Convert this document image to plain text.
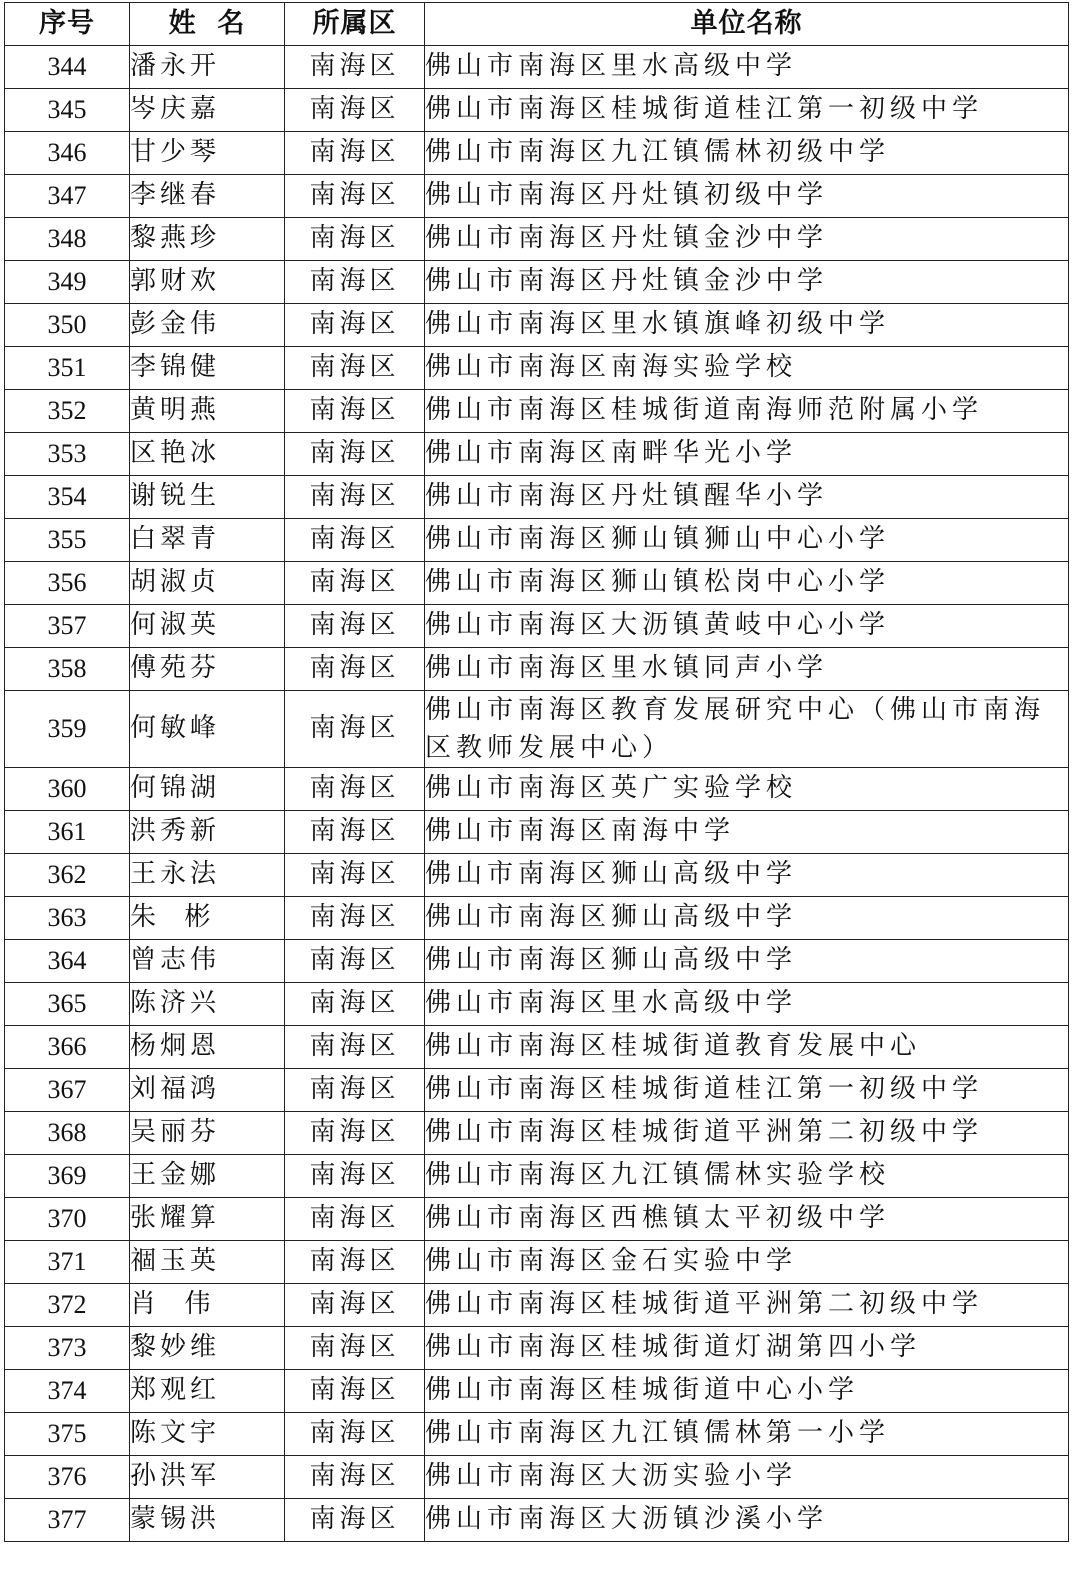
序号	姓  名	所属区	单位名称
344	潘永开	南海区	佛山市南海区里水高级中学
345	岑庆嘉	南海区	佛山市南海区桂城街道桂江第一初级中学
346	甘少琴	南海区	佛山市南海区九江镇儒林初级中学
347	李继春	南海区	佛山市南海区丹灶镇初级中学
348	黎燕珍	南海区	佛山市南海区丹灶镇金沙中学
349	郭财欢	南海区	佛山市南海区丹灶镇金沙中学
350	彭金伟	南海区	佛山市南海区里水镇旗峰初级中学
351	李锦健	南海区	佛山市南海区南海实验学校
352	黄明燕	南海区	佛山市南海区桂城街道南海师范附属小学
353	区艳冰	南海区	佛山市南海区南畔华光小学
354	谢锐生	南海区	佛山市南海区丹灶镇醒华小学
355	白翠青	南海区	佛山市南海区狮山镇狮山中心小学
356	胡淑贞	南海区	佛山市南海区狮山镇松岗中心小学
357	何淑英	南海区	佛山市南海区大沥镇黄岐中心小学
358	傅苑芬	南海区	佛山市南海区里水镇同声小学
359	何敏峰	南海区	佛山市南海区教育发展研究中心（佛山市南海区教师发展中心）
360	何锦湖	南海区	佛山市南海区英广实验学校
361	洪秀新	南海区	佛山市南海区南海中学
362	王永法	南海区	佛山市南海区狮山高级中学
363	朱  彬	南海区	佛山市南海区狮山高级中学
364	曾志伟	南海区	佛山市南海区狮山高级中学
365	陈济兴	南海区	佛山市南海区里水高级中学
366	杨炯恩	南海区	佛山市南海区桂城街道教育发展中心
367	刘福鸿	南海区	佛山市南海区桂城街道桂江第一初级中学
368	吴丽芬	南海区	佛山市南海区桂城街道平洲第二初级中学
369	王金娜	南海区	佛山市南海区九江镇儒林实验学校
370	张耀算	南海区	佛山市南海区西樵镇太平初级中学
371	祻玉英	南海区	佛山市南海区金石实验中学
372	肖  伟	南海区	佛山市南海区桂城街道平洲第二初级中学
373	黎妙维	南海区	佛山市南海区桂城街道灯湖第四小学
374	郑观红	南海区	佛山市南海区桂城街道中心小学
375	陈文宇	南海区	佛山市南海区九江镇儒林第一小学
376	孙洪军	南海区	佛山市南海区大沥实验小学
377	蒙锡洪	南海区	佛山市南海区大沥镇沙溪小学
